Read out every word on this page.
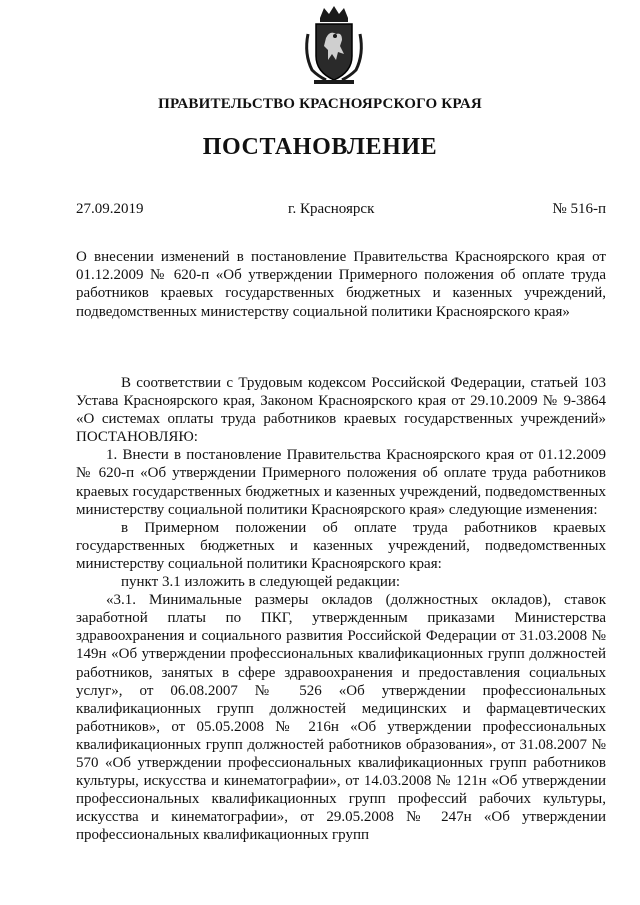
ПРАВИТЕЛЬСТВО КРАСНОЯРСКОГО КРАЯ
ПОСТАНОВЛЕНИЕ
27.09.2019	г. Красноярск	№ 516-п
О внесении изменений в постановление Правительства Красноярского края от 01.12.2009 № 620-п «Об утверждении Примерного положения об оплате труда работников краевых государственных бюджетных и казенных учреждений, подведомственных министерству социальной политики Красноярского края»

В соответствии с Трудовым кодексом Российской Федерации, статьей 103 Устава Красноярского края, Законом Красноярского края от 29.10.2009 № 9-3864 «О системах оплаты труда работников краевых государственных учреждений» ПОСТАНОВЛЯЮ:

1. Внести в постановление Правительства Красноярского края от 01.12.2009 № 620-п «Об утверждении Примерного положения об оплате труда работников краевых государственных бюджетных и казенных учреждений, подведомственных министерству социальной политики Красноярского края» следующие изменения:

в Примерном положении об оплате труда работников краевых государственных бюджетных и казенных учреждений, подведомственных министерству социальной политики Красноярского края:

пункт 3.1 изложить в следующей редакции:

«3.1. Минимальные размеры окладов (должностных окладов), ставок заработной платы по ПКГ, утвержденным приказами Министерства здравоохранения и социального развития Российской Федерации от 31.03.2008 № 149н «Об утверждении профессиональных квалификационных групп должностей работников, занятых в сфере здравоохранения и предоставления социальных услуг», от 06.08.2007 № 526 «Об утверждении профессиональных квалификационных групп должностей медицинских и фармацевтических работников», от 05.05.2008 № 216н «Об утверждении профессиональных квалификационных групп должностей работников образования», от 31.08.2007 № 570 «Об утверждении профессиональных квалификационных групп работников культуры, искусства и кинематографии», от 14.03.2008 № 121н «Об утверждении профессиональных квалификационных групп профессий рабочих культуры, искусства и кинематографии», от 29.05.2008 № 247н «Об утверждении профессиональных квалификационных групп
